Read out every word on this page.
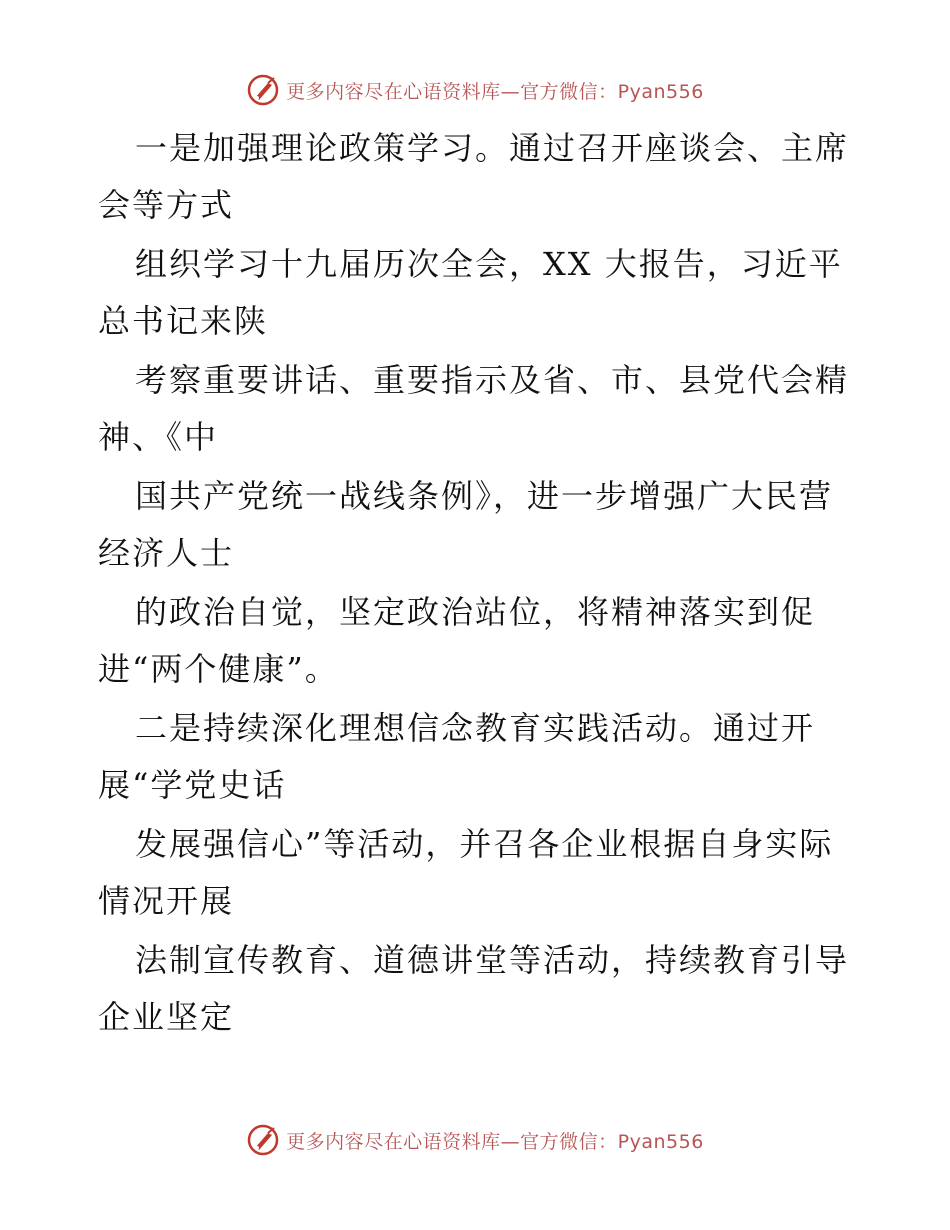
更多内容尽在心语资料库—官方微信：Pyan556
一是加强理论政策学习。通过召开座谈会、主席
会等方式
组织学习十九届历次全会，XX 大报告，习近平
总书记来陕
考察重要讲话、重要指示及省、市、县党代会精
神、《中
国共产党统一战线条例》，进一步增强广大民营
经济人士
的政治自觉，坚定政治站位，将精神落实到促
进“两个健康”。
二是持续深化理想信念教育实践活动。通过开
展“学党史话
发展强信心”等活动，并召各企业根据自身实际
情况开展
法制宣传教育、道德讲堂等活动，持续教育引导
企业坚定
更多内容尽在心语资料库—官方微信：Pyan556
